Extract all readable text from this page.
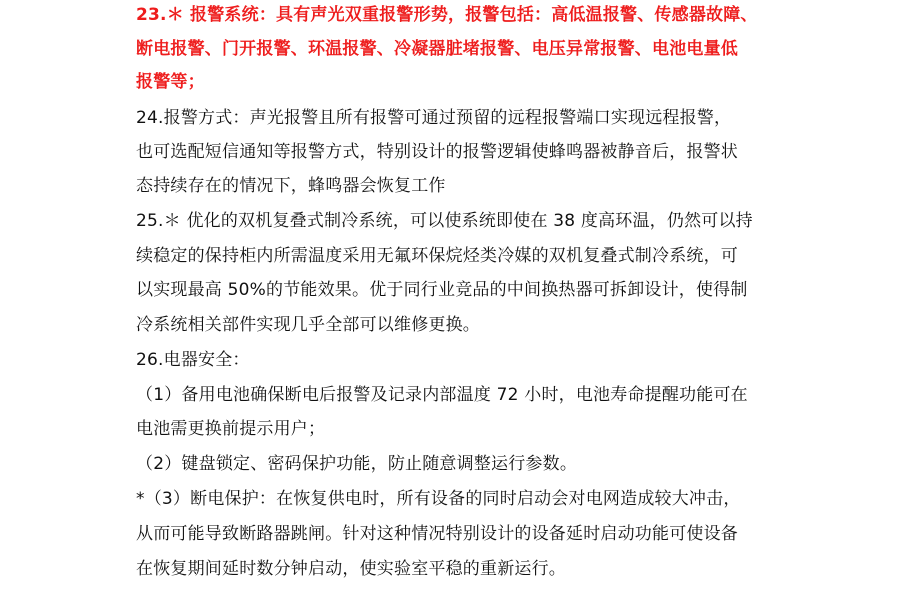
23.＊ 报警系统：具有声光双重报警形势，报警包括：高低温报警、传感器故障、
断电报警、门开报警、环温报警、冷凝器脏堵报警、电压异常报警、电池电量低
报警等；
24.报警方式：声光报警且所有报警可通过预留的远程报警端口实现远程报警，
也可选配短信通知等报警方式，特别设计的报警逻辑使蜂鸣器被静音后，报警状
态持续存在的情况下，蜂鸣器会恢复工作
25.＊ 优化的双机复叠式制冷系统，可以使系统即使在 38 度高环温，仍然可以持
续稳定的保持柜内所需温度采用无氟环保烷烃类冷媒的双机复叠式制冷系统，可
以实现最高 50%的节能效果。优于同行业竞品的中间换热器可拆卸设计，使得制
冷系统相关部件实现几乎全部可以维修更换。
26.电器安全：
（1）备用电池确保断电后报警及记录内部温度 72 小时，电池寿命提醒功能可在
电池需更换前提示用户；
（2）键盘锁定、密码保护功能，防止随意调整运行参数。
*（3）断电保护：在恢复供电时，所有设备的同时启动会对电网造成较大冲击，
从而可能导致断路器跳闸。针对这种情况特别设计的设备延时启动功能可使设备
在恢复期间延时数分钟启动，使实验室平稳的重新运行。
